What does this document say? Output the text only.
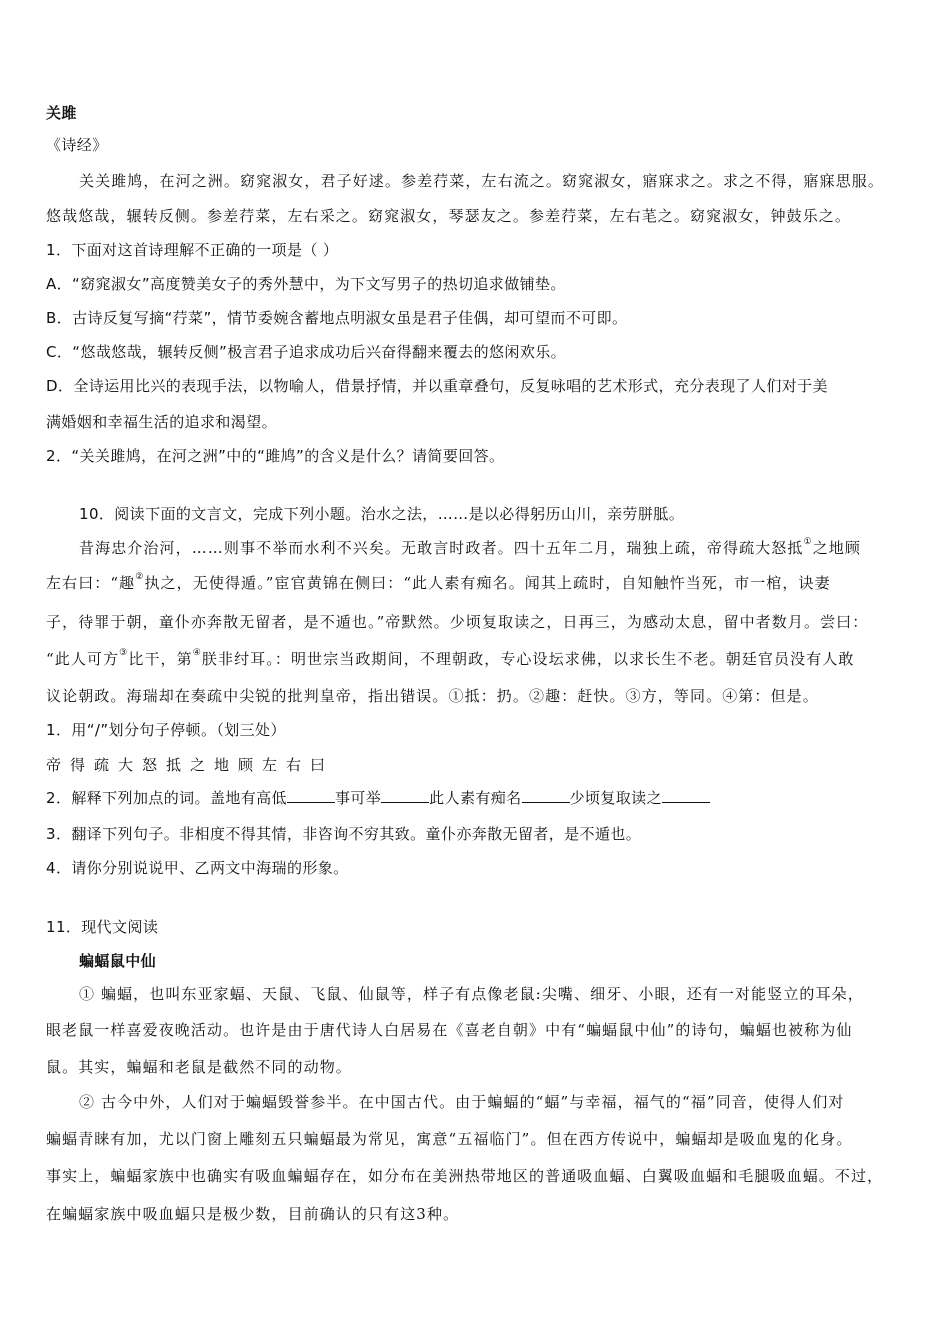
关雎
《诗经》
关关雎鸠，在河之洲。窈窕淑女，君子好逑。参差荇菜，左右流之。窈窕淑女，寤寐求之。求之不得，寤寐思服。
悠哉悠哉，辗转反侧。参差荇菜，左右采之。窈窕淑女，琴瑟友之。参差荇菜，左右芼之。窈窕淑女，钟鼓乐之。
1．下面对这首诗理解不正确的一项是（ ）
A．“窈窕淑女”高度赞美女子的秀外慧中，为下文写男子的热切追求做铺垫。
B．古诗反复写摘“荇菜”，情节委婉含蓄地点明淑女虽是君子佳偶，却可望而不可即。
C．“悠哉悠哉，辗转反侧”极言君子追求成功后兴奋得翻来覆去的悠闲欢乐。
D．全诗运用比兴的表现手法，以物喻人，借景抒情，并以重章叠句，反复咏唱的艺术形式，充分表现了人们对于美
满婚姻和幸福生活的追求和渴望。
2．“关关雎鸠，在河之洲”中的“雎鸠”的含义是什么？请简要回答。
10．阅读下面的文言文，完成下列小题。治水之法，……是以必得躬历山川，亲劳胼胝。
昔海忠介治河，……则事不举而水利不兴矣。无敢言时政者。四十五年二月，瑞独上疏，帝得疏大怒抵①之地顾
左右曰：“趣②执之，无使得遁。”宦官黄锦在侧曰：“此人素有痴名。闻其上疏时，自知触忤当死，市一棺，诀妻
子，待罪于朝，童仆亦奔散无留者，是不遁也。”帝默然。少顷复取读之，日再三，为感动太息，留中者数月。尝曰：
“此人可方③比干，第④朕非纣耳。：明世宗当政期间，不理朝政，专心设坛求佛，以求长生不老。朝廷官员没有人敢
议论朝政。海瑞却在奏疏中尖锐的批判皇帝，指出错误。①抵：扔。②趣：赶快。③方，等同。④第：但是。
1．用“/”划分句子停顿。（划三处）
帝得疏大怒抵之地顾左右曰
2．解释下列加点的词。盖地有高低	事可举	此人素有痴名	少顷复取读之
3．翻译下列句子。非相度不得其情，非咨询不穷其致。童仆亦奔散无留者，是不遁也。
4．请你分别说说甲、乙两文中海瑞的形象。
11．现代文阅读
蝙蝠鼠中仙
① 蝙蝠，也叫东亚家蝠、天鼠、飞鼠、仙鼠等，样子有点像老鼠:尖嘴、细牙、小眼，还有一对能竖立的耳朵，
眼老鼠一样喜爱夜晚活动。也许是由于唐代诗人白居易在《喜老自朝》中有“蝙蝠鼠中仙”的诗句，蝙蝠也被称为仙
鼠。其实，蝙蝠和老鼠是截然不同的动物。
② 古今中外，人们对于蝙蝠毁誉参半。在中国古代。由于蝙蝠的“蝠”与幸福，福气的“福”同音，使得人们对
蝙蝠青睐有加，尤以门窗上雕刻五只蝙蝠最为常见，寓意“五福临门”。但在西方传说中，蝙蝠却是吸血鬼的化身。
事实上，蝙蝠家族中也确实有吸血蝙蝠存在，如分布在美洲热带地区的普通吸血蝠、白翼吸血蝠和毛腿吸血蝠。不过，
在蝙蝠家族中吸血蝠只是极少数，目前确认的只有这3种。
